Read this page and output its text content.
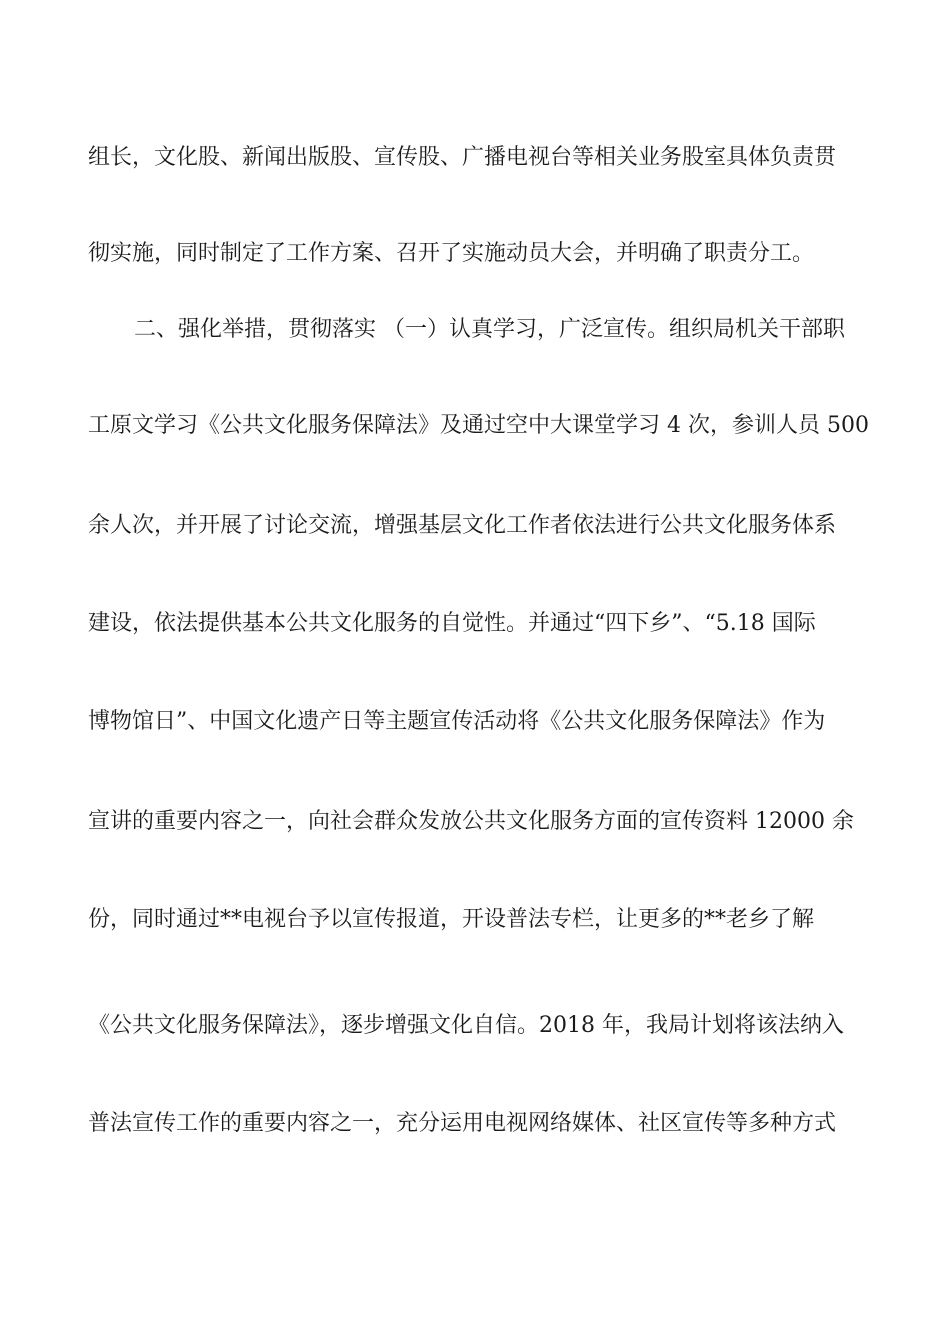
组长，文化股、新闻出版股、宣传股、广播电视台等相关业务股室具体负责贯
彻实施，同时制定了工作方案、召开了实施动员大会，并明确了职责分工。
二、强化举措，贯彻落实 （一）认真学习，广泛宣传。组织局机关干部职
工原文学习《公共文化服务保障法》及通过空中大课堂学习 4 次，参训人员 500
余人次，并开展了讨论交流，增强基层文化工作者依法进行公共文化服务体系
建设，依法提供基本公共文化服务的自觉性。并通过“四下乡”、“5.18 国际
博物馆日”、中国文化遗产日等主题宣传活动将《公共文化服务保障法》作为
宣讲的重要内容之一，向社会群众发放公共文化服务方面的宣传资料 12000 余
份，同时通过**电视台予以宣传报道，开设普法专栏，让更多的**老乡了解
《公共文化服务保障法》，逐步增强文化自信。2018 年，我局计划将该法纳入
普法宣传工作的重要内容之一，充分运用电视网络媒体、社区宣传等多种方式
